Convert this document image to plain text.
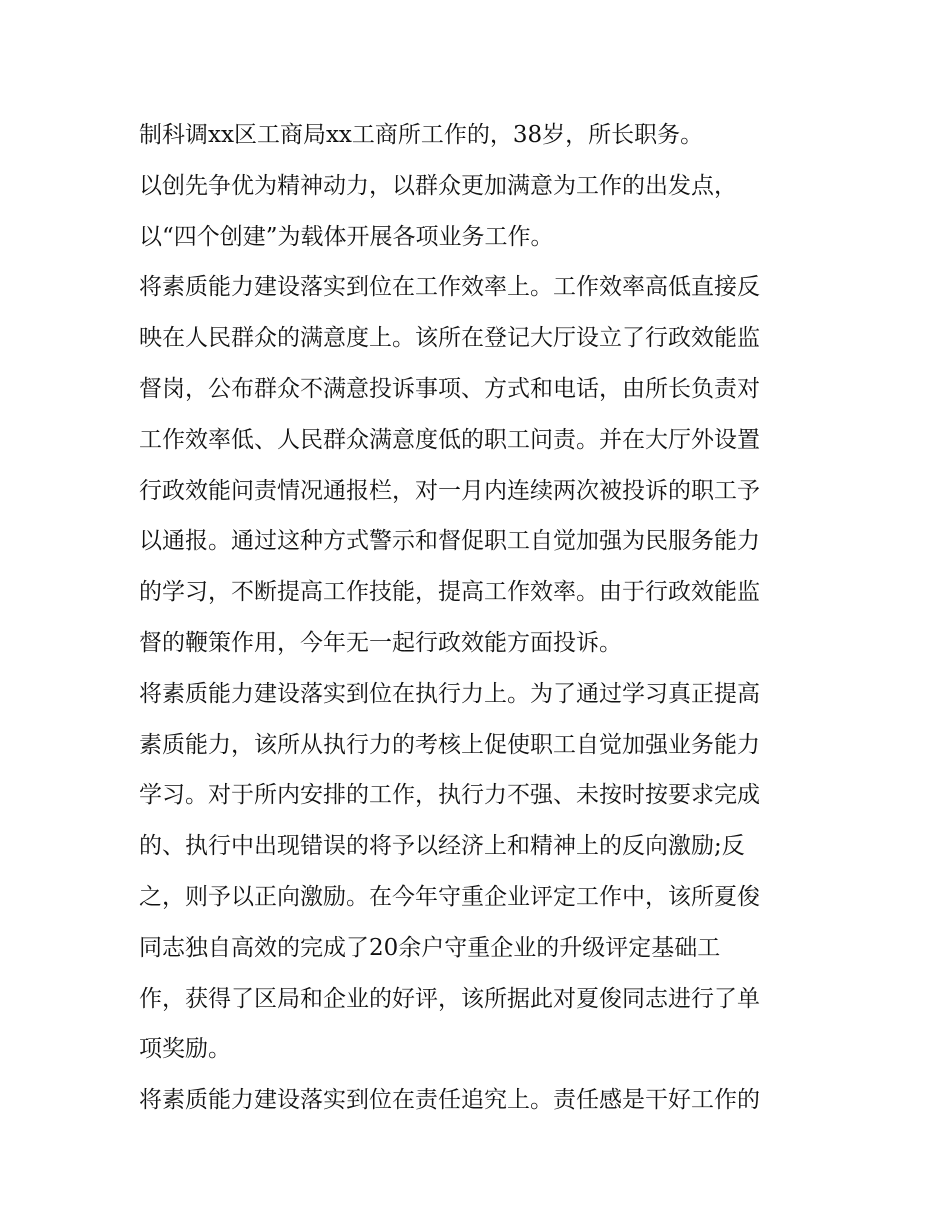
制科调xx区工商局xx工商所工作的，38岁，所长职务。
以创先争优为精神动力，以群众更加满意为工作的出发点，
以“四个创建”为载体开展各项业务工作。
将素质能力建设落实到位在工作效率上。工作效率高低直接反
映在人民群众的满意度上。该所在登记大厅设立了行政效能监
督岗，公布群众不满意投诉事项、方式和电话，由所长负责对
工作效率低、人民群众满意度低的职工问责。并在大厅外设置
行政效能问责情况通报栏，对一月内连续两次被投诉的职工予
以通报。通过这种方式警示和督促职工自觉加强为民服务能力
的学习，不断提高工作技能，提高工作效率。由于行政效能监
督的鞭策作用，今年无一起行政效能方面投诉。
将素质能力建设落实到位在执行力上。为了通过学习真正提高
素质能力，该所从执行力的考核上促使职工自觉加强业务能力
学习。对于所内安排的工作，执行力不强、未按时按要求完成
的、执行中出现错误的将予以经济上和精神上的反向激励;反
之，则予以正向激励。在今年守重企业评定工作中，该所夏俊
同志独自高效的完成了20余户守重企业的升级评定基础工
作，获得了区局和企业的好评，该所据此对夏俊同志进行了单
项奖励。
将素质能力建设落实到位在责任追究上。责任感是干好工作的
